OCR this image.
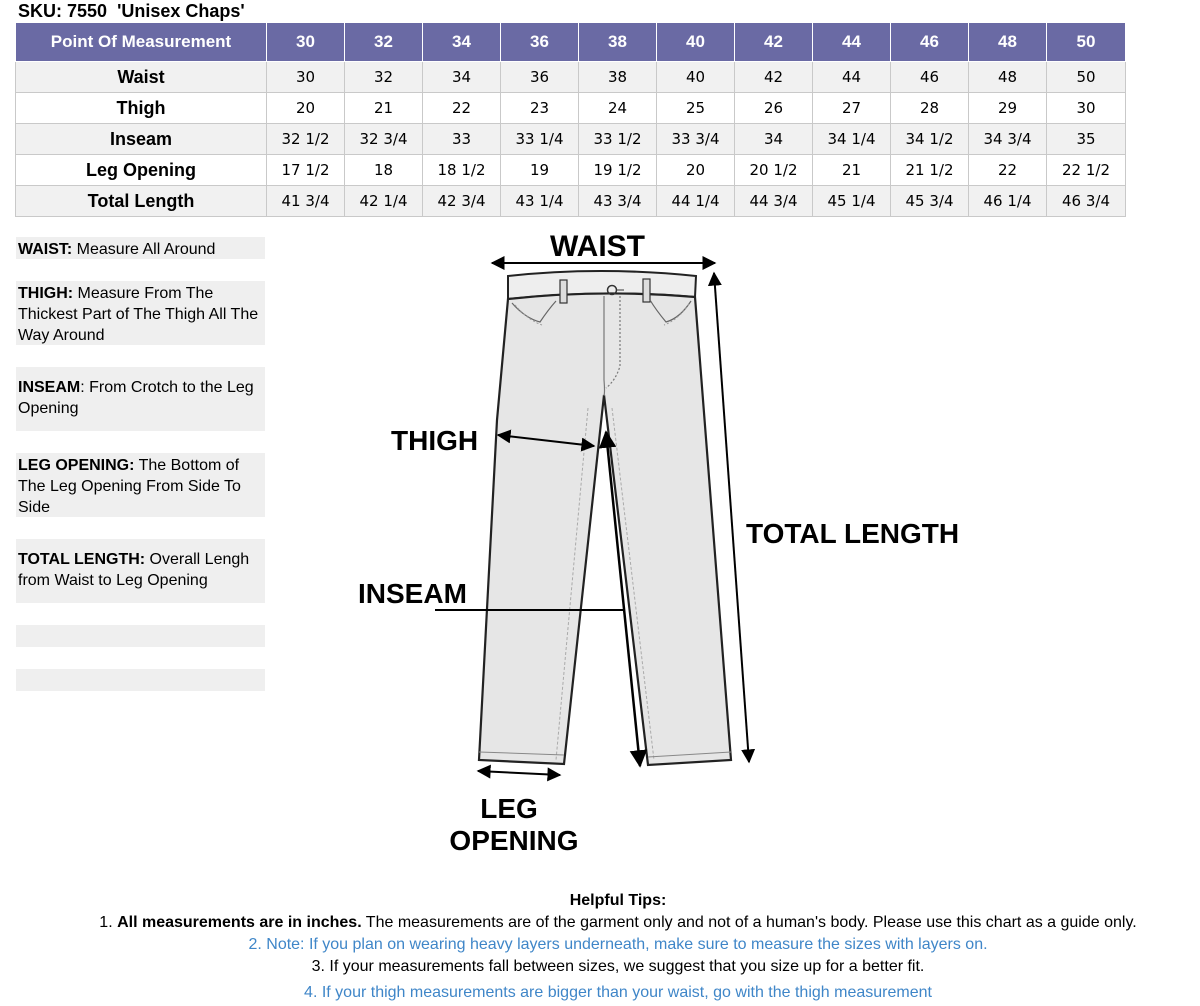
SKU: 7550 'Unisex Chaps'
Point Of Measurement	30	32	34	36	38	40	42	44	46	48	50
Waist	30	32	34	36	38	40	42	44	46	48	50
Thigh	20	21	22	23	24	25	26	27	28	29	30
Inseam	32 1/2	32 3/4	33	33 1/4	33 1/2	33 3/4	34	34 1/4	34 1/2	34 3/4	35
Leg Opening	17 1/2	18	18 1/2	19	19 1/2	20	20 1/2	21	21 1/2	22	22 1/2
Total Length	41 3/4	42 1/4	42 3/4	43 1/4	43 3/4	44 1/4	44 3/4	45 1/4	45 3/4	46 1/4	46 3/4
WAIST: Measure All Around
THIGH: Measure From The Thickest Part of The Thigh All The Way Around
INSEAM: From Crotch to the Leg Opening
LEG OPENING: The Bottom of The Leg Opening From Side To Side
TOTAL LENGTH: Overall Lengh from Waist to Leg Opening
WAIST
THIGH
INSEAM
TOTAL LENGTH
LEG
OPENING
Helpful Tips:
1. All measurements are in inches. The measurements are of the garment only and not of a human's body. Please use this chart as a guide only.
2. Note: If you plan on wearing heavy layers underneath, make sure to measure the sizes with layers on.
3. If your measurements fall between sizes, we suggest that you size up for a better fit.
4. If your thigh measurements are bigger than your waist, go with the thigh measurement
